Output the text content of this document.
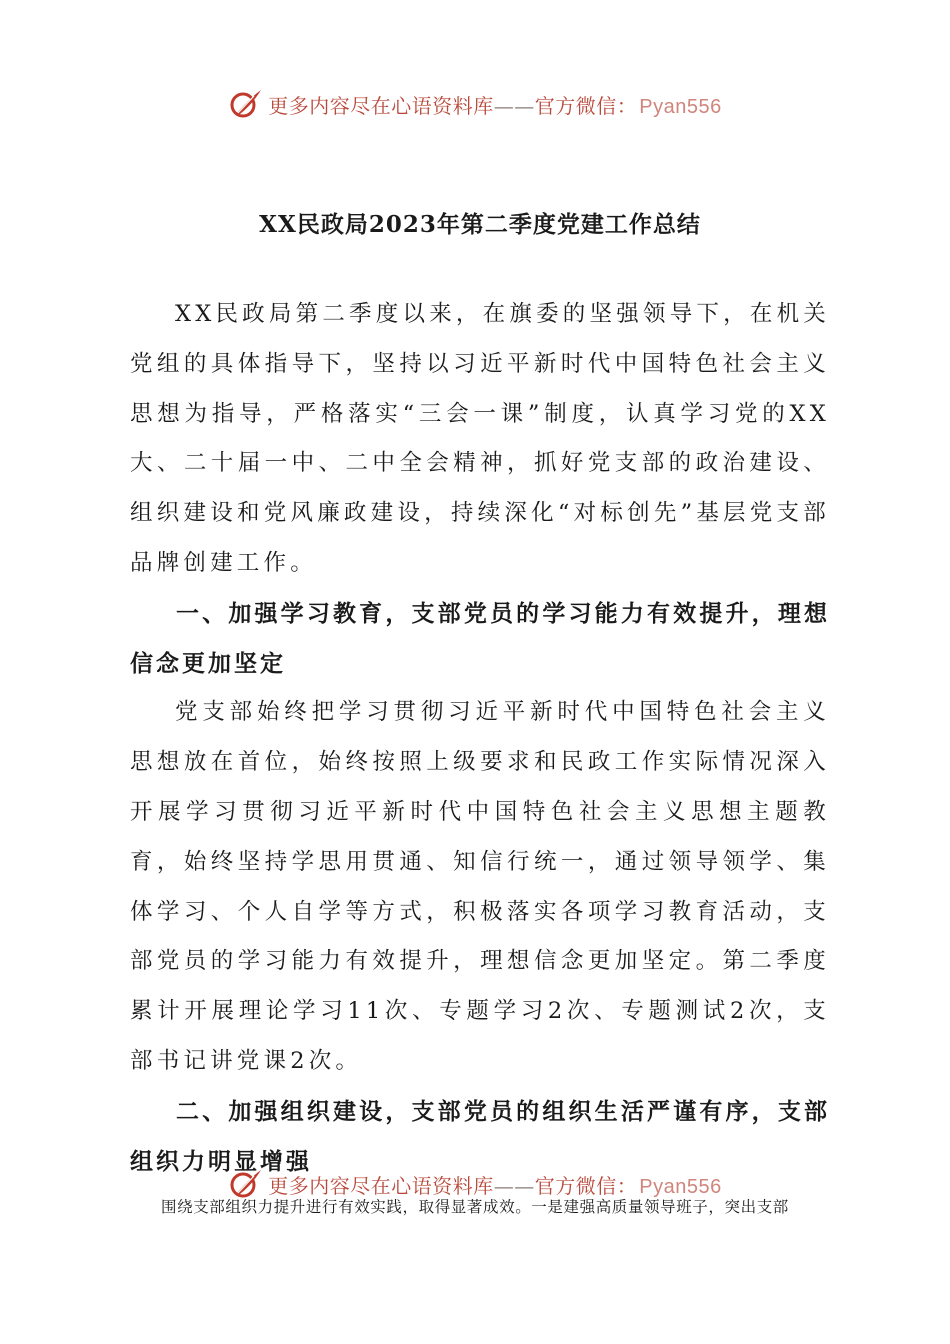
更多内容尽在心语资料库——官方微信： Pyan556
XX民政局2023年第二季度党建工作总结

XX民政局第二季度以来，在旗委的坚强领导下，在机关党组的具体指导下，坚持以习近平新时代中国特色社会主义思想为指导，严格落实“三会一课”制度，认真学习党的XX大、二十届一中、二中全会精神，抓好党支部的政治建设、组织建设和党风廉政建设，持续深化“对标创先”基层党支部品牌创建工作。

一、加强学习教育，支部党员的学习能力有效提升，理想信念更加坚定

党支部始终把学习贯彻习近平新时代中国特色社会主义思想放在首位，始终按照上级要求和民政工作实际情况深入开展学习贯彻习近平新时代中国特色社会主义思想主题教育，始终坚持学思用贯通、知信行统一，通过领导领学、集体学习、个人自学等方式，积极落实各项学习教育活动，支部党员的学习能力有效提升，理想信念更加坚定。第二季度累计开展理论学习11次、专题学习2次、专题测试2次，支部书记讲党课2次。

二、加强组织建设，支部党员的组织生活严谨有序，支部组织力明显增强

围绕支部组织力提升进行有效实践，取得显著成效。一是建强高质量领导班子，突出支部

更多内容尽在心语资料库——官方微信： Pyan556
